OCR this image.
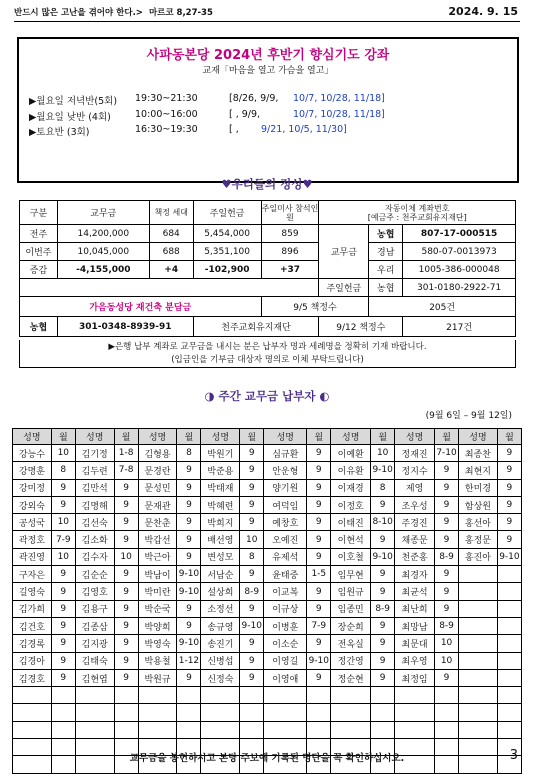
반드시 많은 고난을 겪어야 한다.> 마르코 8,27-35	2024. 9. 15
사파동본당 2024년 후반기 향심기도 강좌
교재「마음을 열고 가슴을 열고」
▶월요일 저녁반(5회) 19:30~21:30	[8/26, 9/9, 10/7, 10/28, 11/18]
▶월요일 낮반 (4회)	10:00~16:00	[ , 9/9,	10/7, 10/28, 11/18]
▶토요반 (3회)	16:30~19:30	[ , 9/21, 10/5, 11/30]
♥우리들의 정성♥
구분	교무금	책정 세대	주일헌금	주일미사 참석인원	자동이체 계좌번호
[예금주 : 천주교회유지재단]		

전주	14,200,000	684	5,454,000	859	교무금	농협	807-17-000515
이번주	10,045,000	688	5,351,100	896		경남	580-07-0013973
증감	-4,155,000	+4	-102,900	+37		우리	1005-386-000048
					주일헌금	농협	301-0180-2922-71
가음동성당 재건축 분담금				9/5 책정수		205건	
농협	301-0348-8939-91		천주교회유지재단		9/12 책정수		217건
▶은행 납부 계좌로 교무금을 내시는 분은 납부자 명과 세례명을 정확히 기재 바랍니다.
(입금인을 기부금 대상자 명의로 이체 부탁드립니다)
◑ 주간 교무금 납부자 ◐
(9월 6일 – 9월 12일)
성명	월	성명	월	성명	월	성명	월	성명	월	성명	월	성명	월	성명	월
강능수	10	김기정	1-8	김형용	8	박원기	9	심규환	9	이예환	10	정재진	7-10	최종찬	9
강명훈	8	김두련	7-8	문경란	9	박준용	9	안운형	9	이유환	9-10	정지수	9	최현지	9
강미정	9	김만석	9	문성민	9	박태재	9	양기원	9	이재경	8	제영	9	한미경	9
강외숙	9	김명해	9	문재관	9	박혜련	9	여덕임	9	이정호	9	조우성	9	함상원	9
공성국	10	김선숙	9	문찬춘	9	박희지	9	예창호	9	이태진	8-10	주경진	9	홍선아	9
곽정호	7-9	김소화	9	박갑선	9	배선영	10	오예진	9	이현석	9	채종문	9	홍정문	9
곽진영	10	김수자	10	박근아	9	변성모	8	유제석	9	이호철	9-10	천준홍	8-9	홍진아	9-10
구자은	9	김순순	9	박남이	9-10	서남순	9	윤태중	1-5	임무현	9	최경자	9		
길영숙	9	김영호	9	박미란	9-10	설상희	8-9	이교복	9	임원규	9	최균석	9		
김가희	9	김용구	9	박순국	9	소정선	9	이규상	9	임종민	8-9	최난희	9		
김건호	9	김종삼	9	박양희	9	송규영	9-10	이병훈	7-9	장순희	9	최망남	8-9		
김경록	9	김지광	9	박영숙	9-10	송진기	9	이소순	9	전옥실	9	최문대	10		
김경아	9	김태숙	9	박용철	1-12	신병섭	9	이영길	9-10	정간영	9	최우영	10		
김경호	9	김현엽	9	박원규	9	신정숙	9	이영애	9	정순현	9	최정임	9		

교무금을 봉헌하시고 본당 주보에 기록된 명단을 꼭 확인하십시오.	3
